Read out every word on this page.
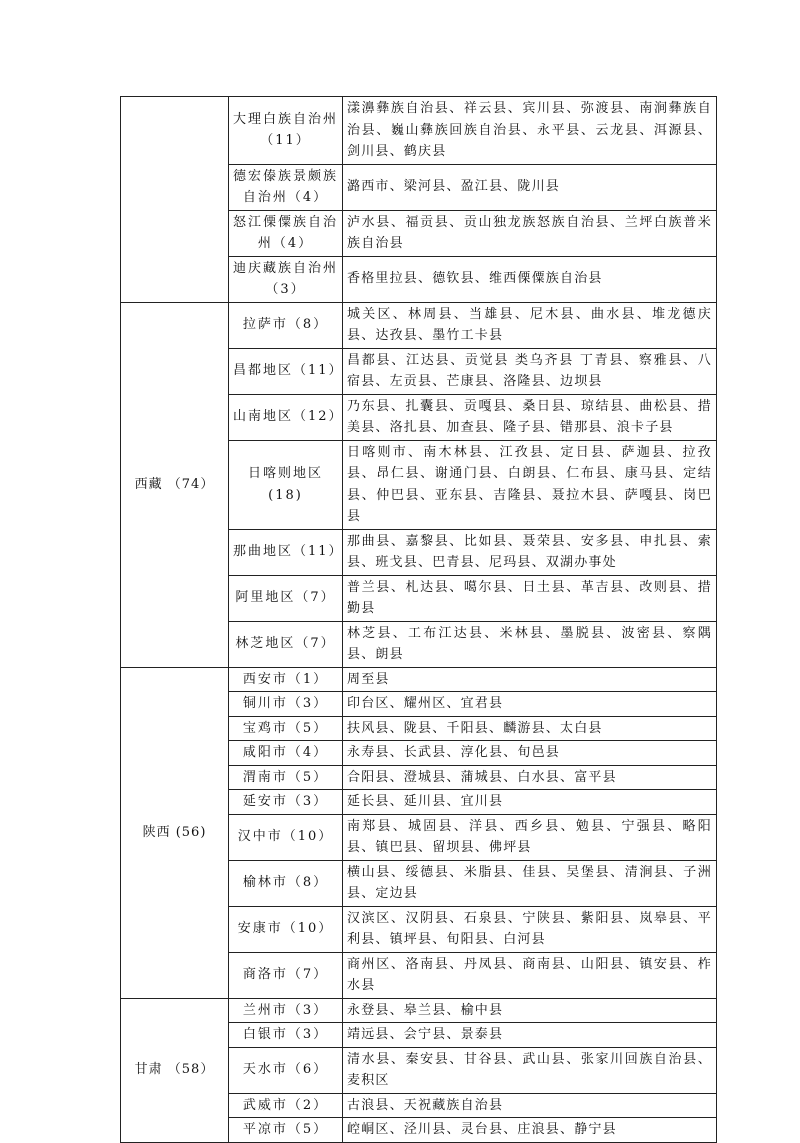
	大理白族自治州（11）	漾濞彝族自治县、祥云县、宾川县、弥渡县、南涧彝族自治县、巍山彝族回族自治县、永平县、云龙县、洱源县、剑川县、鹤庆县
	德宏傣族景颇族自治州（4）	潞西市、梁河县、盈江县、陇川县
	怒江傈僳族自治州（4）	泸水县、福贡县、贡山独龙族怒族自治县、兰坪白族普米族自治县
	迪庆藏族自治州（3）	香格里拉县、德钦县、维西傈僳族自治县
西藏 （74）	拉萨市（8）	城关区、林周县、当雄县、尼木县、曲水县、堆龙德庆县、达孜县、墨竹工卡县
	昌都地区（11）	昌都县、江达县、贡觉县 类乌齐县 丁青县、察雅县、八宿县、左贡县、芒康县、洛隆县、边坝县
	山南地区（12）	乃东县、扎囊县、贡嘎县、桑日县、琼结县、曲松县、措美县、洛扎县、加查县、隆子县、错那县、浪卡子县
	日喀则地区(18)	日喀则市、南木林县、江孜县、定日县、萨迦县、拉孜县、昂仁县、谢通门县、白朗县、仁布县、康马县、定结县、仲巴县、亚东县、吉隆县、聂拉木县、萨嘎县、岗巴县
	那曲地区（11）	那曲县、嘉黎县、比如县、聂荣县、安多县、申扎县、索县、班戈县、巴青县、尼玛县、双湖办事处
	阿里地区（7）	普兰县、札达县、噶尔县、日土县、革吉县、改则县、措勤县
	林芝地区（7）	林芝县、工布江达县、米林县、墨脱县、波密县、察隅县、朗县
陕西 (56)	西安市（1）	周至县
	铜川市（3）	印台区、耀州区、宜君县
	宝鸡市（5）	扶风县、陇县、千阳县、麟游县、太白县
	咸阳市（4）	永寿县、长武县、淳化县、旬邑县
	渭南市（5）	合阳县、澄城县、蒲城县、白水县、富平县
	延安市（3）	延长县、延川县、宜川县
	汉中市（10）	南郑县、城固县、洋县、西乡县、勉县、宁强县、略阳县、镇巴县、留坝县、佛坪县
	榆林市（8）	横山县、绥德县、米脂县、佳县、吴堡县、清涧县、子洲县、定边县
	安康市（10）	汉滨区、汉阴县、石泉县、宁陕县、紫阳县、岚皋县、平利县、镇坪县、旬阳县、白河县
	商洛市（7）	商州区、洛南县、丹凤县、商南县、山阳县、镇安县、柞水县
甘肃 （58）	兰州市（3）	永登县、皋兰县、榆中县
	白银市（3）	靖远县、会宁县、景泰县
	天水市（6）	清水县、秦安县、甘谷县、武山县、张家川回族自治县、麦积区
	武威市（2）	古浪县、天祝藏族自治县
	平凉市（5）	崆峒区、泾川县、灵台县、庄浪县、静宁县
